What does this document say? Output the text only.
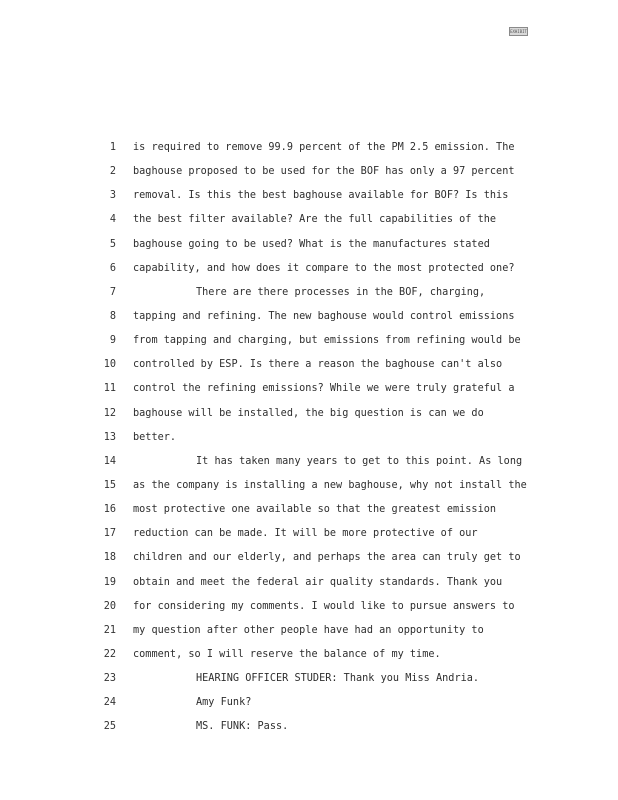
EXHIBIT
1 is required to remove 99.9 percent of the PM 2.5 emission. The
2 baghouse proposed to be used for the BOF has only a 97 percent
3 removal. Is this the best baghouse available for BOF? Is this
4 the best filter available? Are the full capabilities of the
5 baghouse going to be used? What is the manufactures stated
6 capability, and how does it compare to the most protected one?
7	There are there processes in the BOF, charging,
8 tapping and refining. The new baghouse would control emissions
9 from tapping and charging, but emissions from refining would be
10 controlled by ESP. Is there a reason the baghouse can't also
11 control the refining emissions? While we were truly grateful a
12 baghouse will be installed, the big question is can we do
13 better.
14	It has taken many years to get to this point. As long
15 as the company is installing a new baghouse, why not install the
16 most protective one available so that the greatest emission
17 reduction can be made. It will be more protective of our
18 children and our elderly, and perhaps the area can truly get to
19 obtain and meet the federal air quality standards. Thank you
20 for considering my comments. I would like to pursue answers to
21 my question after other people have had an opportunity to
22 comment, so I will reserve the balance of my time.
23	HEARING OFFICER STUDER: Thank you Miss Andria.
24	Amy Funk?
25	MS. FUNK: Pass.
